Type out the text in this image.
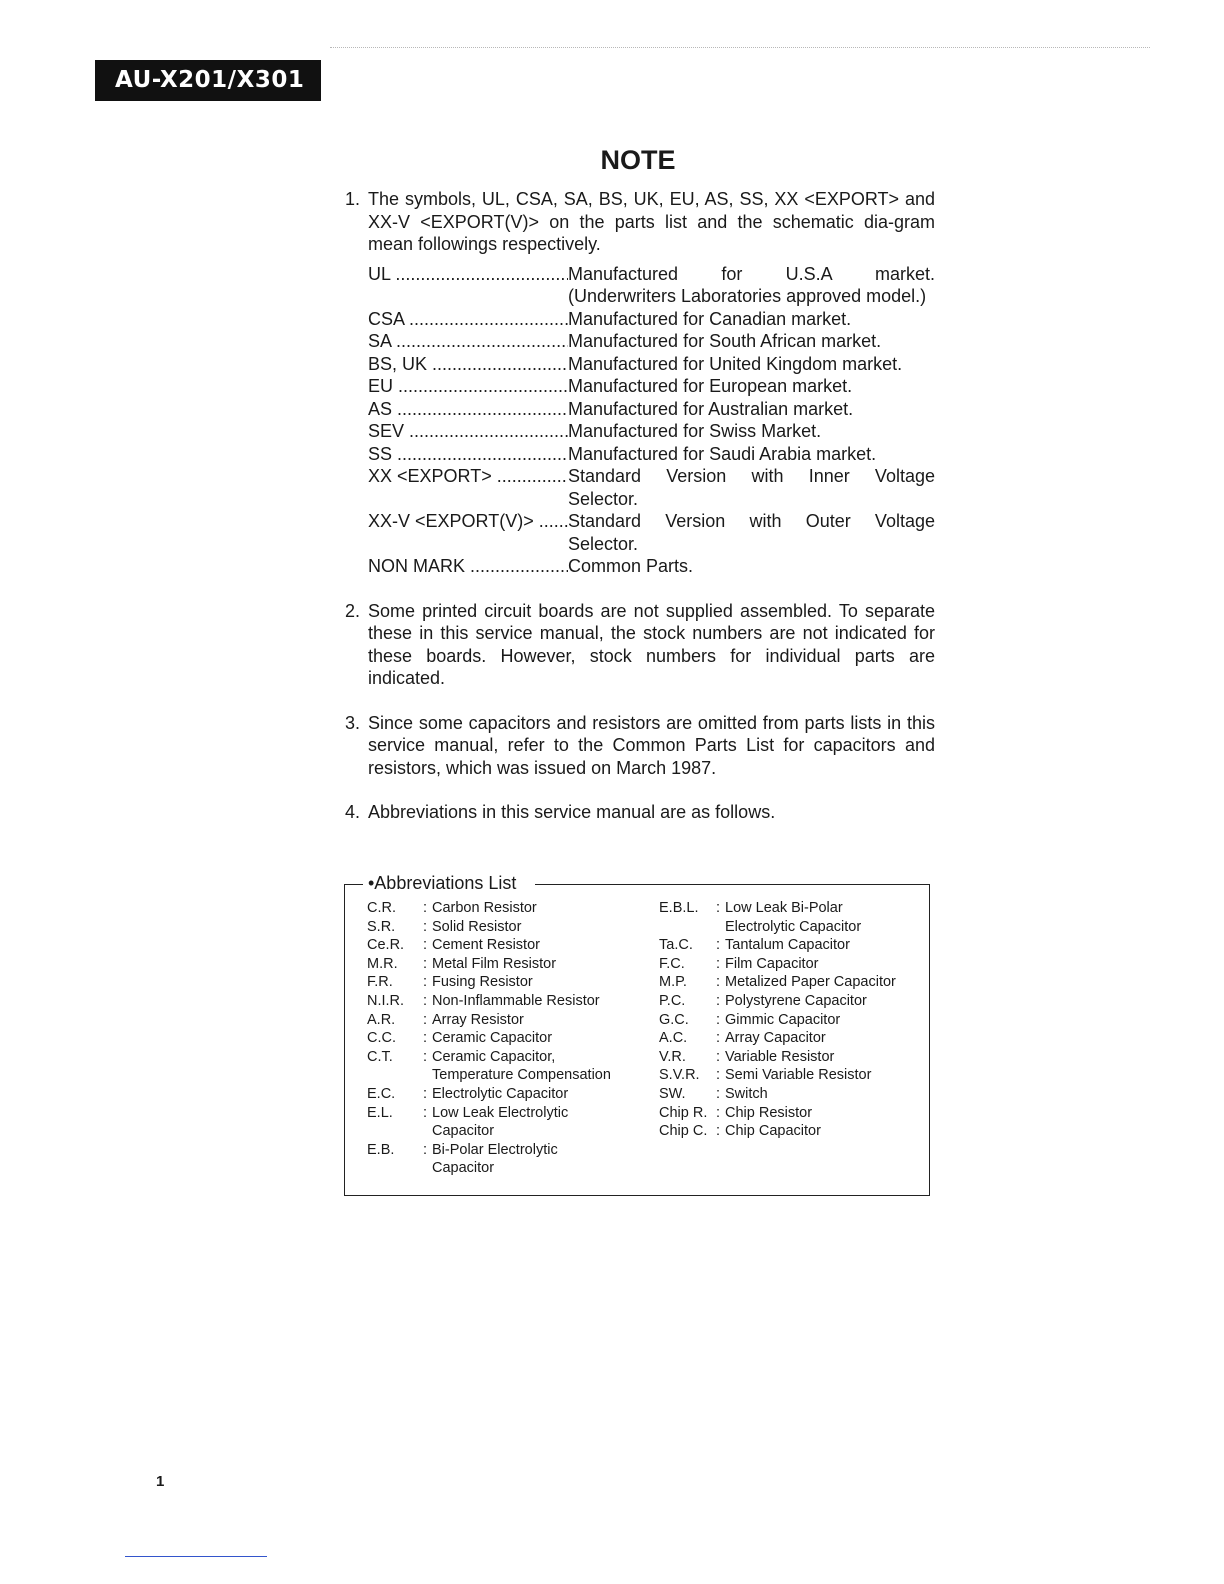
AU-X201/X301
NOTE
1. The symbols, UL, CSA, SA, BS, UK, EU, AS, SS, XX <EXPORT> and XX-V <EXPORT(V)> on the parts list and the schematic dia-gram mean followings respectively.
UL .....	Manufactured for U.S.A market.
(Underwriters Laboratories approved model.)
CSA .....	Manufactured for Canadian market.
SA .....	Manufactured for South African market.
BS, UK .....	Manufactured for United Kingdom market.
EU .....	Manufactured for European market.
AS .....	Manufactured for Australian market.
SEV .....	Manufactured for Swiss Market.
SS .....	Manufactured for Saudi Arabia market.
XX <EXPORT> .....	Standard Version with Inner Voltage
Selector.
XX-V <EXPORT(V)> .....	Standard Version with Outer Voltage
Selector.
NON MARK .....	Common Parts.
2. Some printed circuit boards are not supplied assembled. To separate these in this service manual, the stock numbers are not indicated for these boards. However, stock numbers for individual parts are indicated.
3. Since some capacitors and resistors are omitted from parts lists in this service manual, refer to the Common Parts List for capacitors and resistors, which was issued on March 1987.
4. Abbreviations in this service manual are as follows.
•Abbreviations List
C.R.	: Carbon Resistor
S.R.	: Solid Resistor
Ce.R.	: Cement Resistor
M.R.	: Metal Film Resistor
F.R.	: Fusing Resistor
N.I.R.	: Non-Inflammable Resistor
A.R.	: Array Resistor
C.C.	: Ceramic Capacitor
C.T.	: Ceramic Capacitor,
Temperature Compensation
E.C.	: Electrolytic Capacitor
E.L.	: Low Leak Electrolytic
Capacitor
E.B.	: Bi-Polar Electrolytic
Capacitor
E.B.L.	: Low Leak Bi-Polar
Electrolytic Capacitor
Ta.C.	: Tantalum Capacitor
F.C.	: Film Capacitor
M.P.	: Metalized Paper Capacitor
P.C.	: Polystyrene Capacitor
G.C.	: Gimmic Capacitor
A.C.	: Array Capacitor
V.R.	: Variable Resistor
S.V.R.	: Semi Variable Resistor
SW.	: Switch
Chip R. : Chip Resistor
Chip C. : Chip Capacitor
1
